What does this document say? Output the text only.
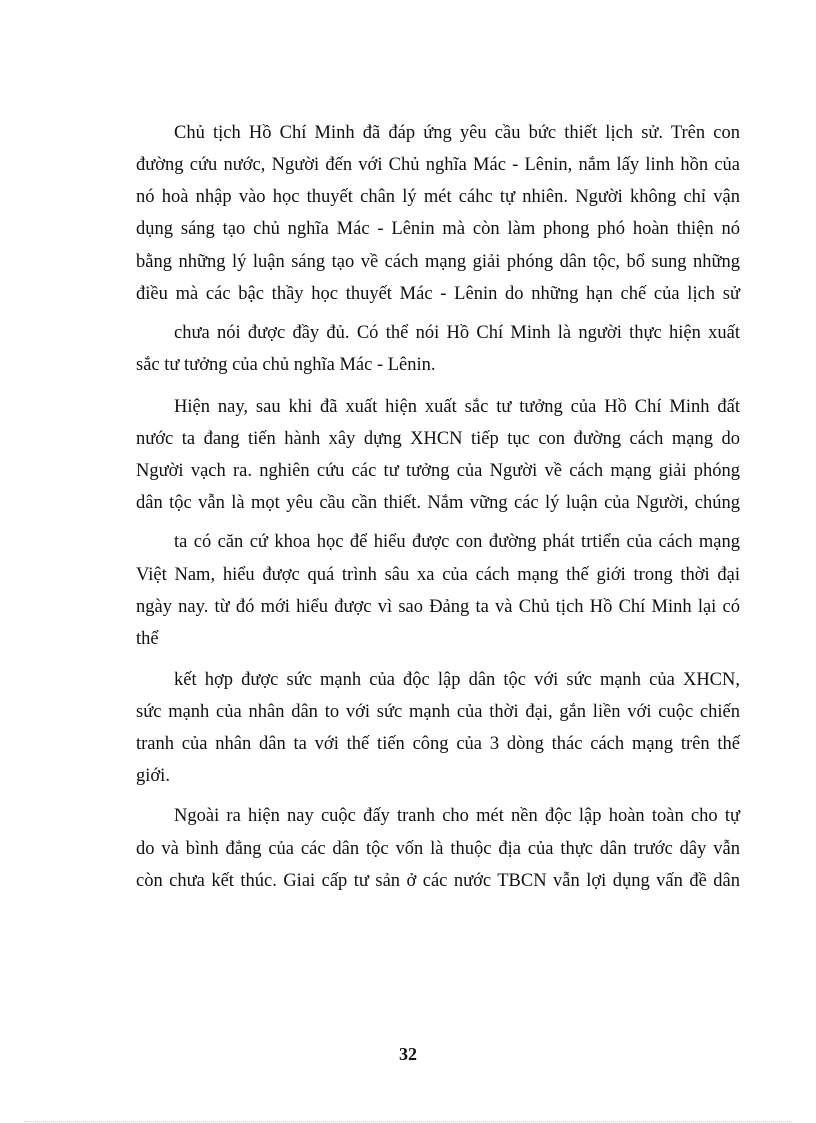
Chủ tịch Hồ Chí Minh đã đáp ứng yêu cầu bức thiết lịch sử. Trên con
đường cứu nước, Người đến với Chủ nghĩa Mác - Lênin, nắm lấy linh hồn của
nó hoà nhập vào học thuyết chân lý mét cáhc tự nhiên. Người không chỉ vận
dụng sáng tạo chủ nghĩa Mác - Lênin mà còn làm phong phó hoàn thiện nó
bằng những lý luận sáng tạo về cách mạng giải phóng dân tộc, bổ sung những
điều mà các bậc thầy học thuyết Mác - Lênin do những hạn chế của lịch sử
chưa nói được đầy đủ. Có thể nói Hồ Chí Minh là người thực hiện xuất
sắc tư tưởng của chủ nghĩa Mác - Lênin.
Hiện nay, sau khi đã xuất hiện xuất sắc tư tưởng của Hồ Chí Minh đất
nước ta đang tiến hành xây dựng XHCN tiếp tục con đường cách mạng do
Người vạch ra. nghiên cứu các tư tưởng của Người về cách mạng giải phóng
dân tộc vẫn là mọt yêu cầu cần thiết. Nắm vững các lý luận của Người, chúng
ta có căn cứ khoa học để hiểu được con đường phát trtiển của cách mạng
Việt Nam, hiểu được quá trình sâu xa của cách mạng thế giới trong thời đại
ngày nay. từ đó mới hiểu được vì sao Đảng ta và Chủ tịch Hồ Chí Minh lại có
thể
kết hợp được sức mạnh của độc lập dân tộc với sức mạnh của XHCN,
sức mạnh của nhân dân to với sức mạnh của thời đại, gắn liền với cuộc chiến
tranh của nhân dân ta với thế tiến công của 3 dòng thác cách mạng trên thế
giới.
Ngoài ra hiện nay cuộc đấy tranh cho mét nền độc lập hoàn toàn cho tự
do và bình đẳng của các dân tộc vốn là thuộc địa của thực dân trước dây vẫn
còn chưa kết thúc. Giai cấp tư sản ở các nước TBCN vẫn lợi dụng vấn đề dân
32
